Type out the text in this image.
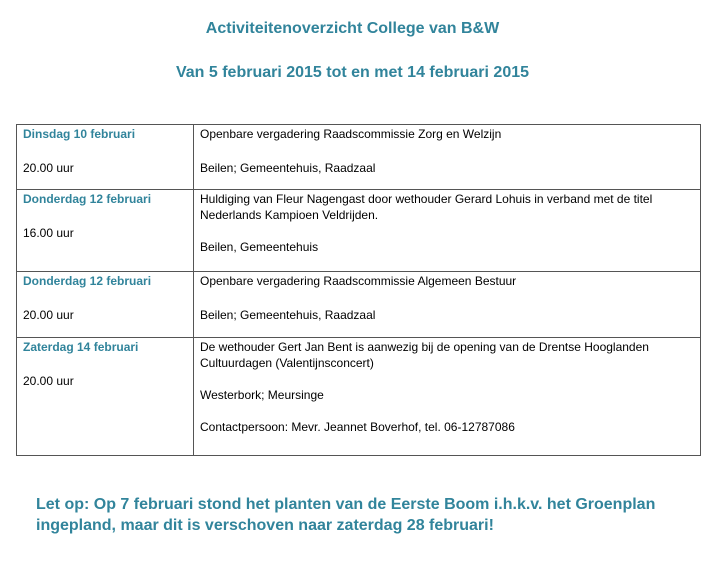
Activiteitenoverzicht College van B&W
Van 5 februari 2015 tot en met 14 februari 2015
Dinsdag 10 februari
20.00 uur	Openbare vergadering Raadscommissie Zorg en Welzijn
Beilen; Gemeentehuis, Raadzaal

Donderdag 12 februari
16.00 uur	Huldiging van Fleur Nagengast door wethouder Gerard Lohuis in verband met de titel Nederlands Kampioen Veldrijden.
Beilen, Gemeentehuis

Donderdag 12 februari
20.00 uur	Openbare vergadering Raadscommissie Algemeen Bestuur
Beilen; Gemeentehuis, Raadzaal

Zaterdag 14 februari
20.00 uur	De wethouder Gert Jan Bent is aanwezig bij de opening van de Drentse Hooglanden Cultuurdagen (Valentijnsconcert)
Westerbork; Meursinge
Contactpersoon: Mevr. Jeannet Boverhof, tel. 06-12787086

Let op: Op 7 februari stond het planten van de Eerste Boom i.h.k.v. het Groenplan ingepland, maar dit is verschoven naar zaterdag 28 februari!
